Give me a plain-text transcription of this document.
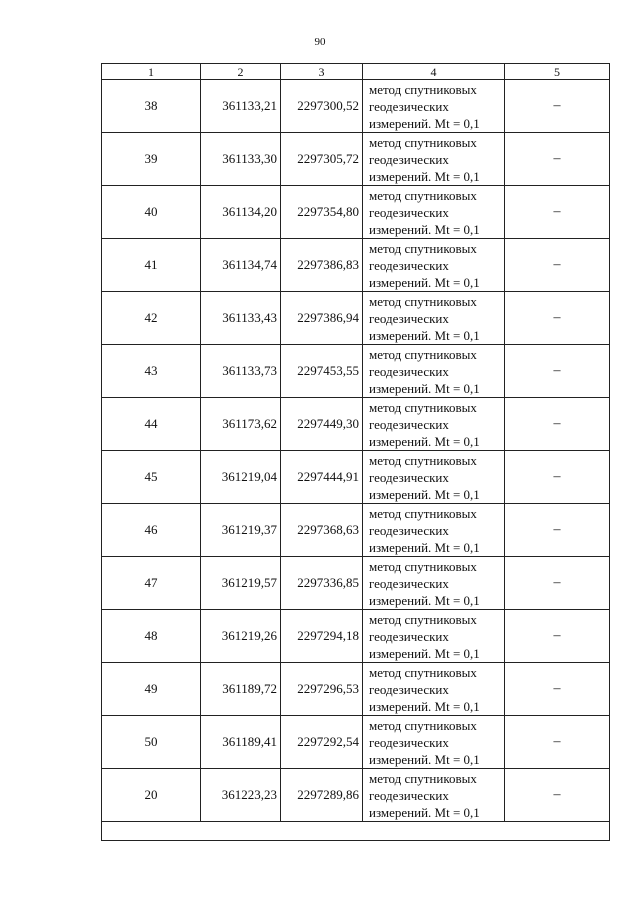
90
1	2	3	4	5
38	361133,21	2297300,52	метод спутниковых
геодезических
измерений. Mt = 0,1	–
39	361133,30	2297305,72	метод спутниковых
геодезических
измерений. Mt = 0,1	–
40	361134,20	2297354,80	метод спутниковых
геодезических
измерений. Mt = 0,1	–
41	361134,74	2297386,83	метод спутниковых
геодезических
измерений. Mt = 0,1	–
42	361133,43	2297386,94	метод спутниковых
геодезических
измерений. Mt = 0,1	–
43	361133,73	2297453,55	метод спутниковых
геодезических
измерений. Mt = 0,1	–
44	361173,62	2297449,30	метод спутниковых
геодезических
измерений. Mt = 0,1	–
45	361219,04	2297444,91	метод спутниковых
геодезических
измерений. Mt = 0,1	–
46	361219,37	2297368,63	метод спутниковых
геодезических
измерений. Mt = 0,1	–
47	361219,57	2297336,85	метод спутниковых
геодезических
измерений. Mt = 0,1	–
48	361219,26	2297294,18	метод спутниковых
геодезических
измерений. Mt = 0,1	–
49	361189,72	2297296,53	метод спутниковых
геодезических
измерений. Mt = 0,1	–
50	361189,41	2297292,54	метод спутниковых
геодезических
измерений. Mt = 0,1	–
20	361223,23	2297289,86	метод спутниковых
геодезических
измерений. Mt = 0,1	–
